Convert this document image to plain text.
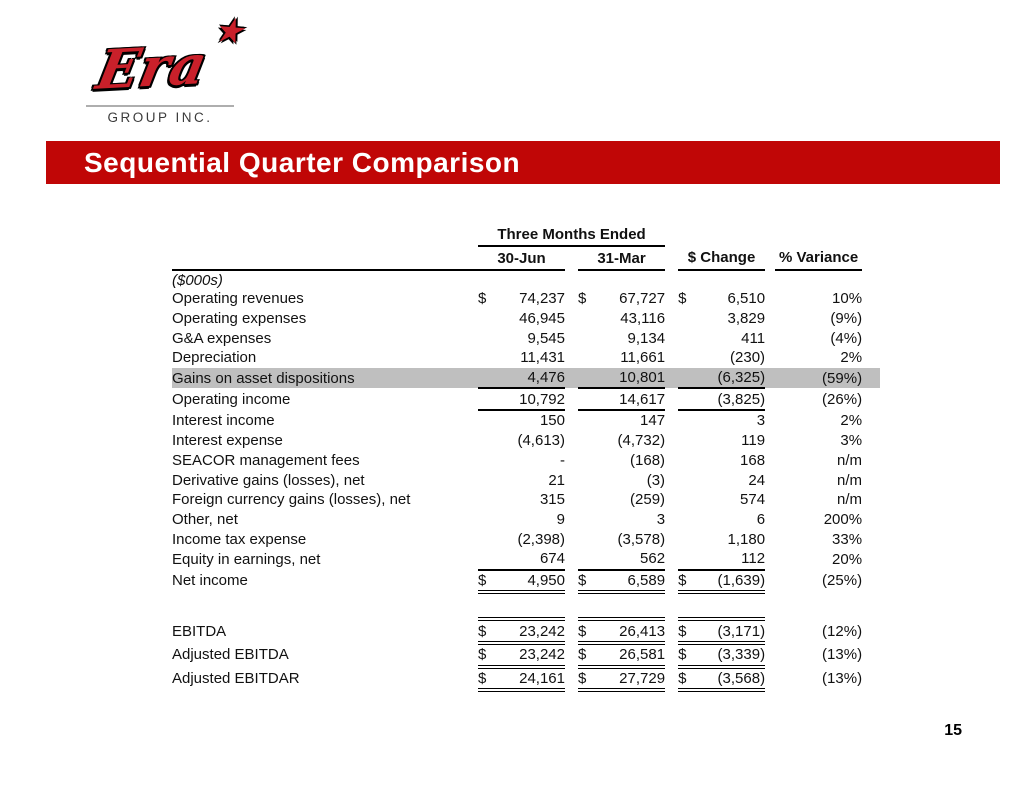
Era
★
GROUP INC.
Sequential Quarter Comparison
	Three Months Ended										
	30-Jun			31-Mar			$ Change			% Variance	
($000s)											
Operating revenues	$	74,237		$	67,727		$	6,510		10%	
Operating expenses		46,945			43,116			3,829		(9%)	
G&A expenses		9,545			9,134			411		(4%)	
Depreciation		11,431			11,661			(230)		2%	
Gains on asset dispositions		4,476			10,801			(6,325)		(59%)	
Operating income		10,792			14,617			(3,825)		(26%)	
Interest income		150			147			3		2%	
Interest expense		(4,613)			(4,732)			119		3%	
SEACOR management fees		-			(168)			168		n/m	
Derivative gains (losses), net		21			(3)			24		n/m	
Foreign currency gains (losses), net		315			(259)			574		n/m	
Other, net		9			3			6		200%	
Income tax expense		(2,398)			(3,578)			1,180		33%	
Equity in earnings, net		674			562			112		20%	
Net income	$	4,950		$	6,589		$	(1,639)		(25%)	

EBITDA	$	23,242		$	26,413		$	(3,171)		(12%)	
Adjusted EBITDA	$	23,242		$	26,581		$	(3,339)		(13%)	
Adjusted EBITDAR	$	24,161		$	27,729		$	(3,568)		(13%)	
15
